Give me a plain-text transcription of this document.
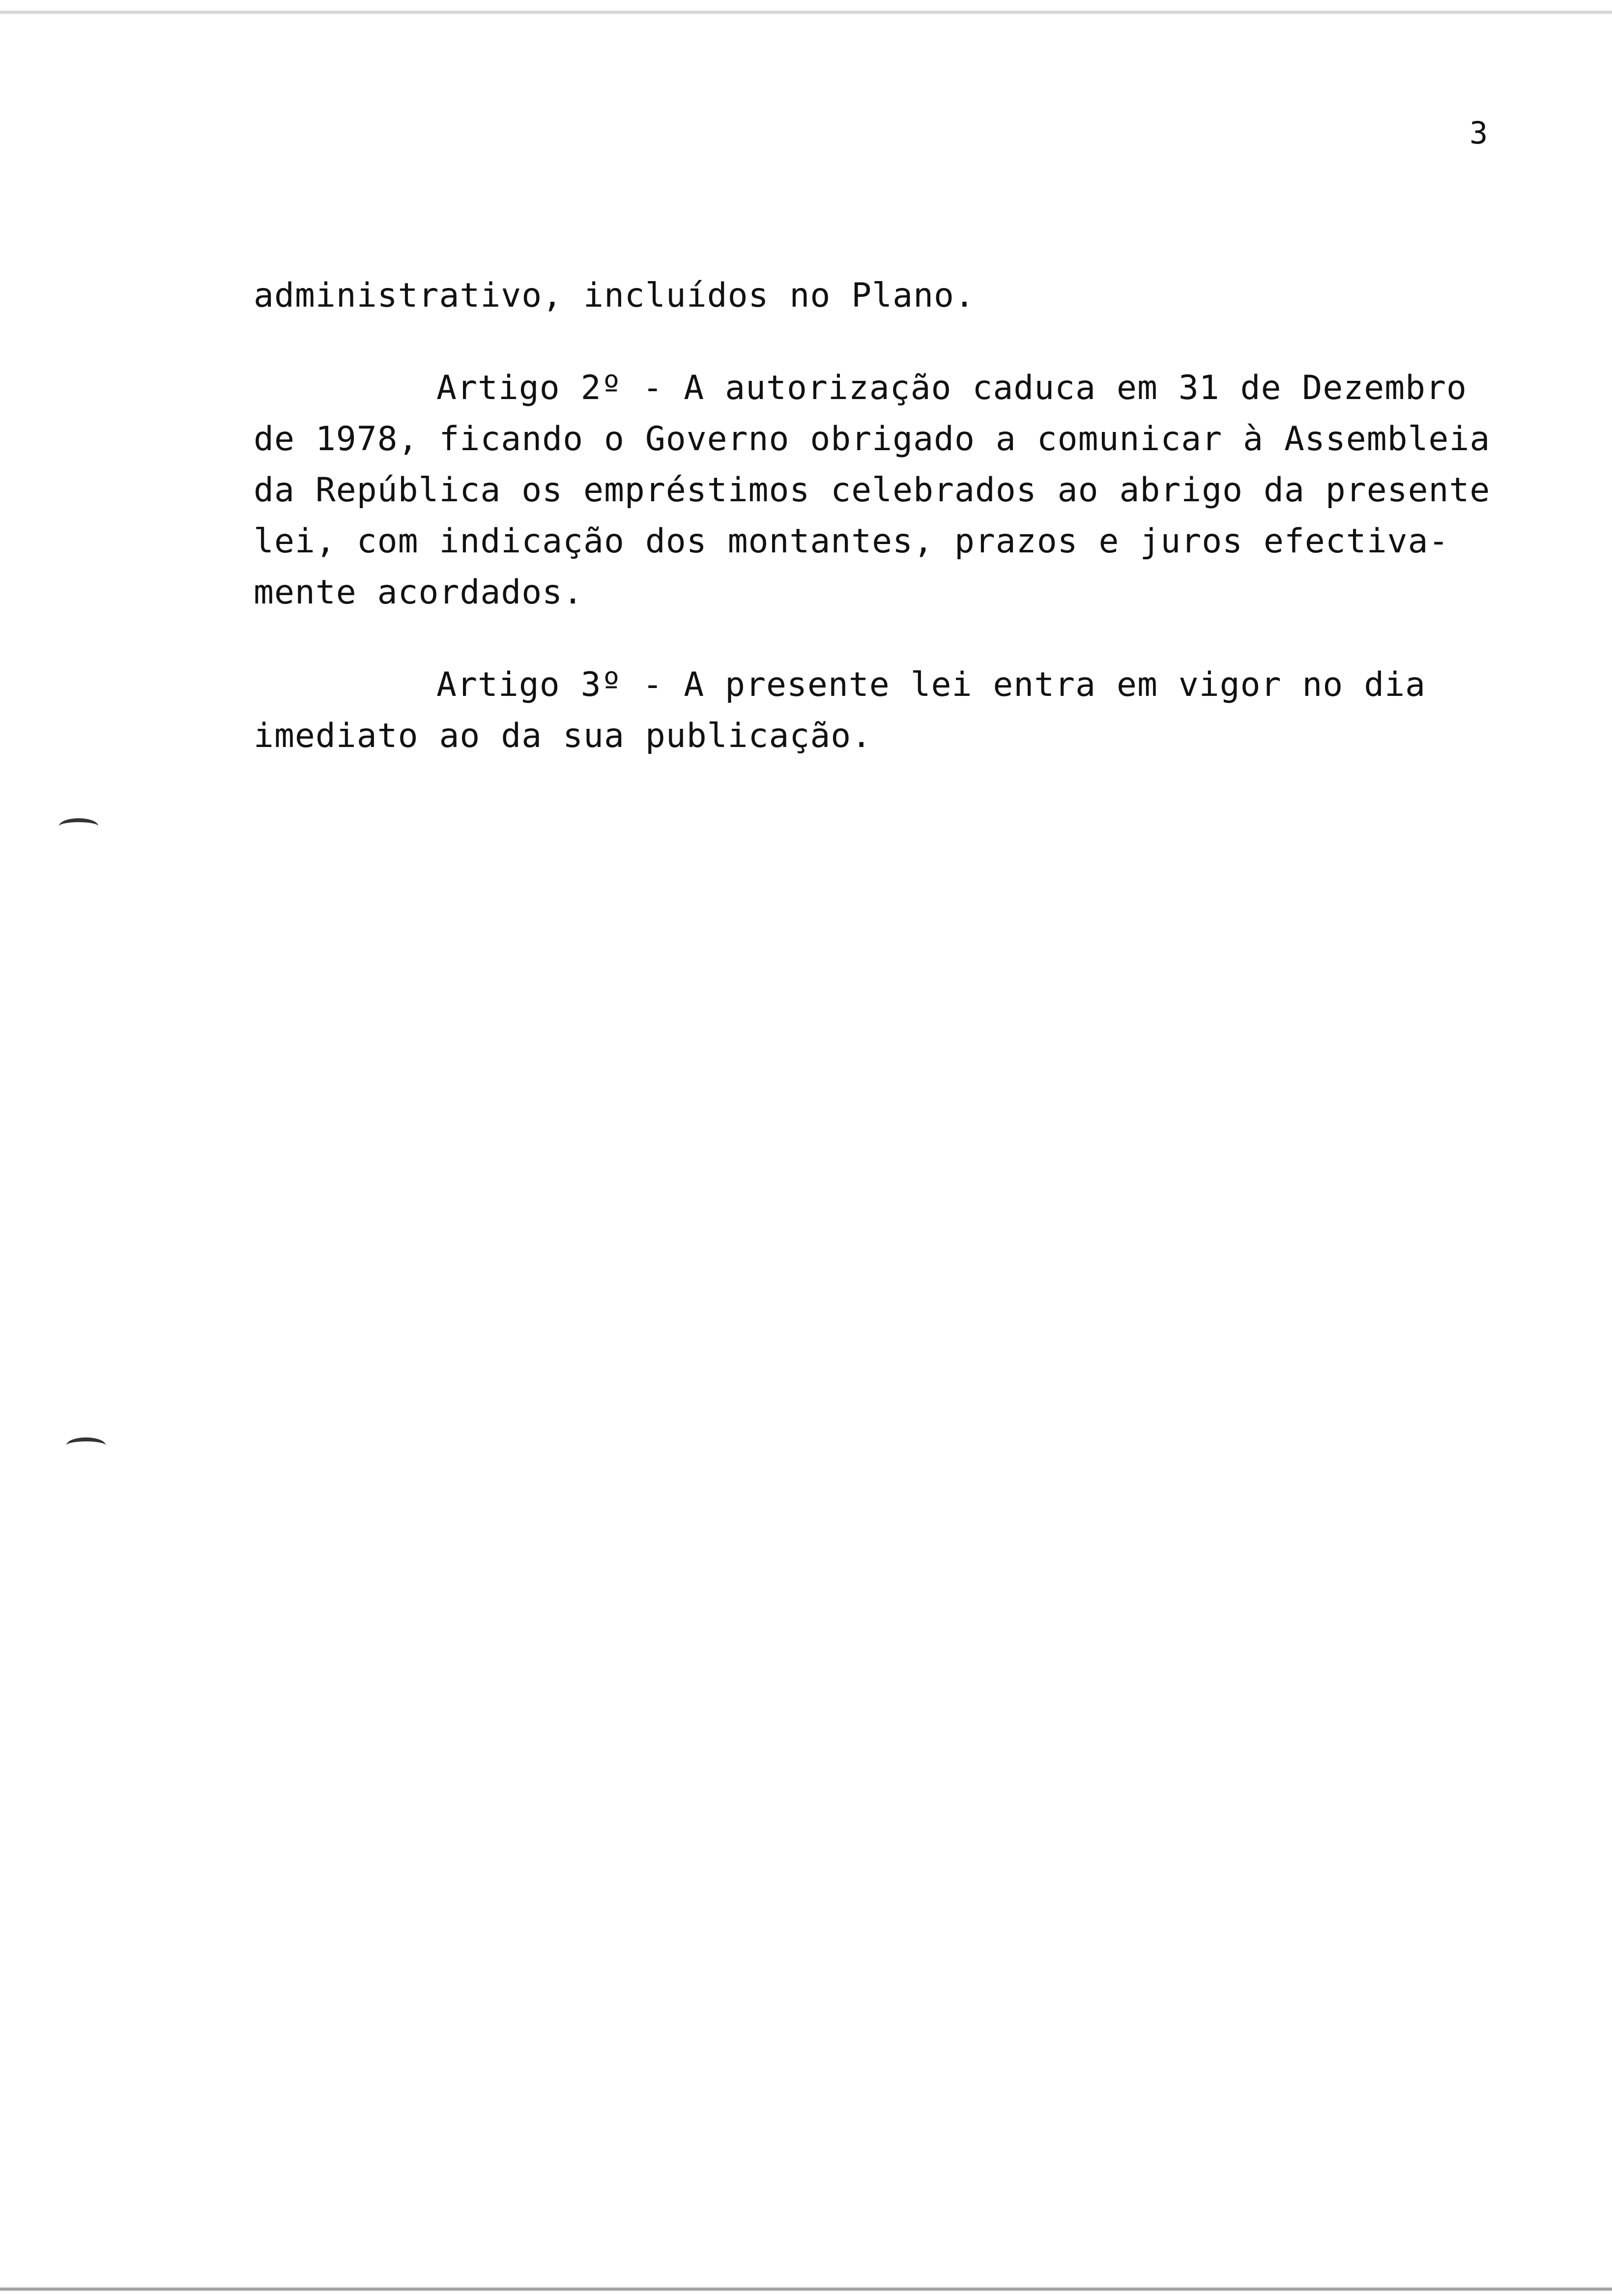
3

administrativo, incluídos no Plano.

Artigo 2º - A autorização caduca em 31 de Dezembro
de 1978, ficando o Governo obrigado a comunicar à Assembleia
da República os empréstimos celebrados ao abrigo da presente
lei, com indicação dos montantes, prazos e juros efectiva-
mente acordados.

Artigo 3º - A presente lei entra em vigor no dia
imediato ao da sua publicação.
